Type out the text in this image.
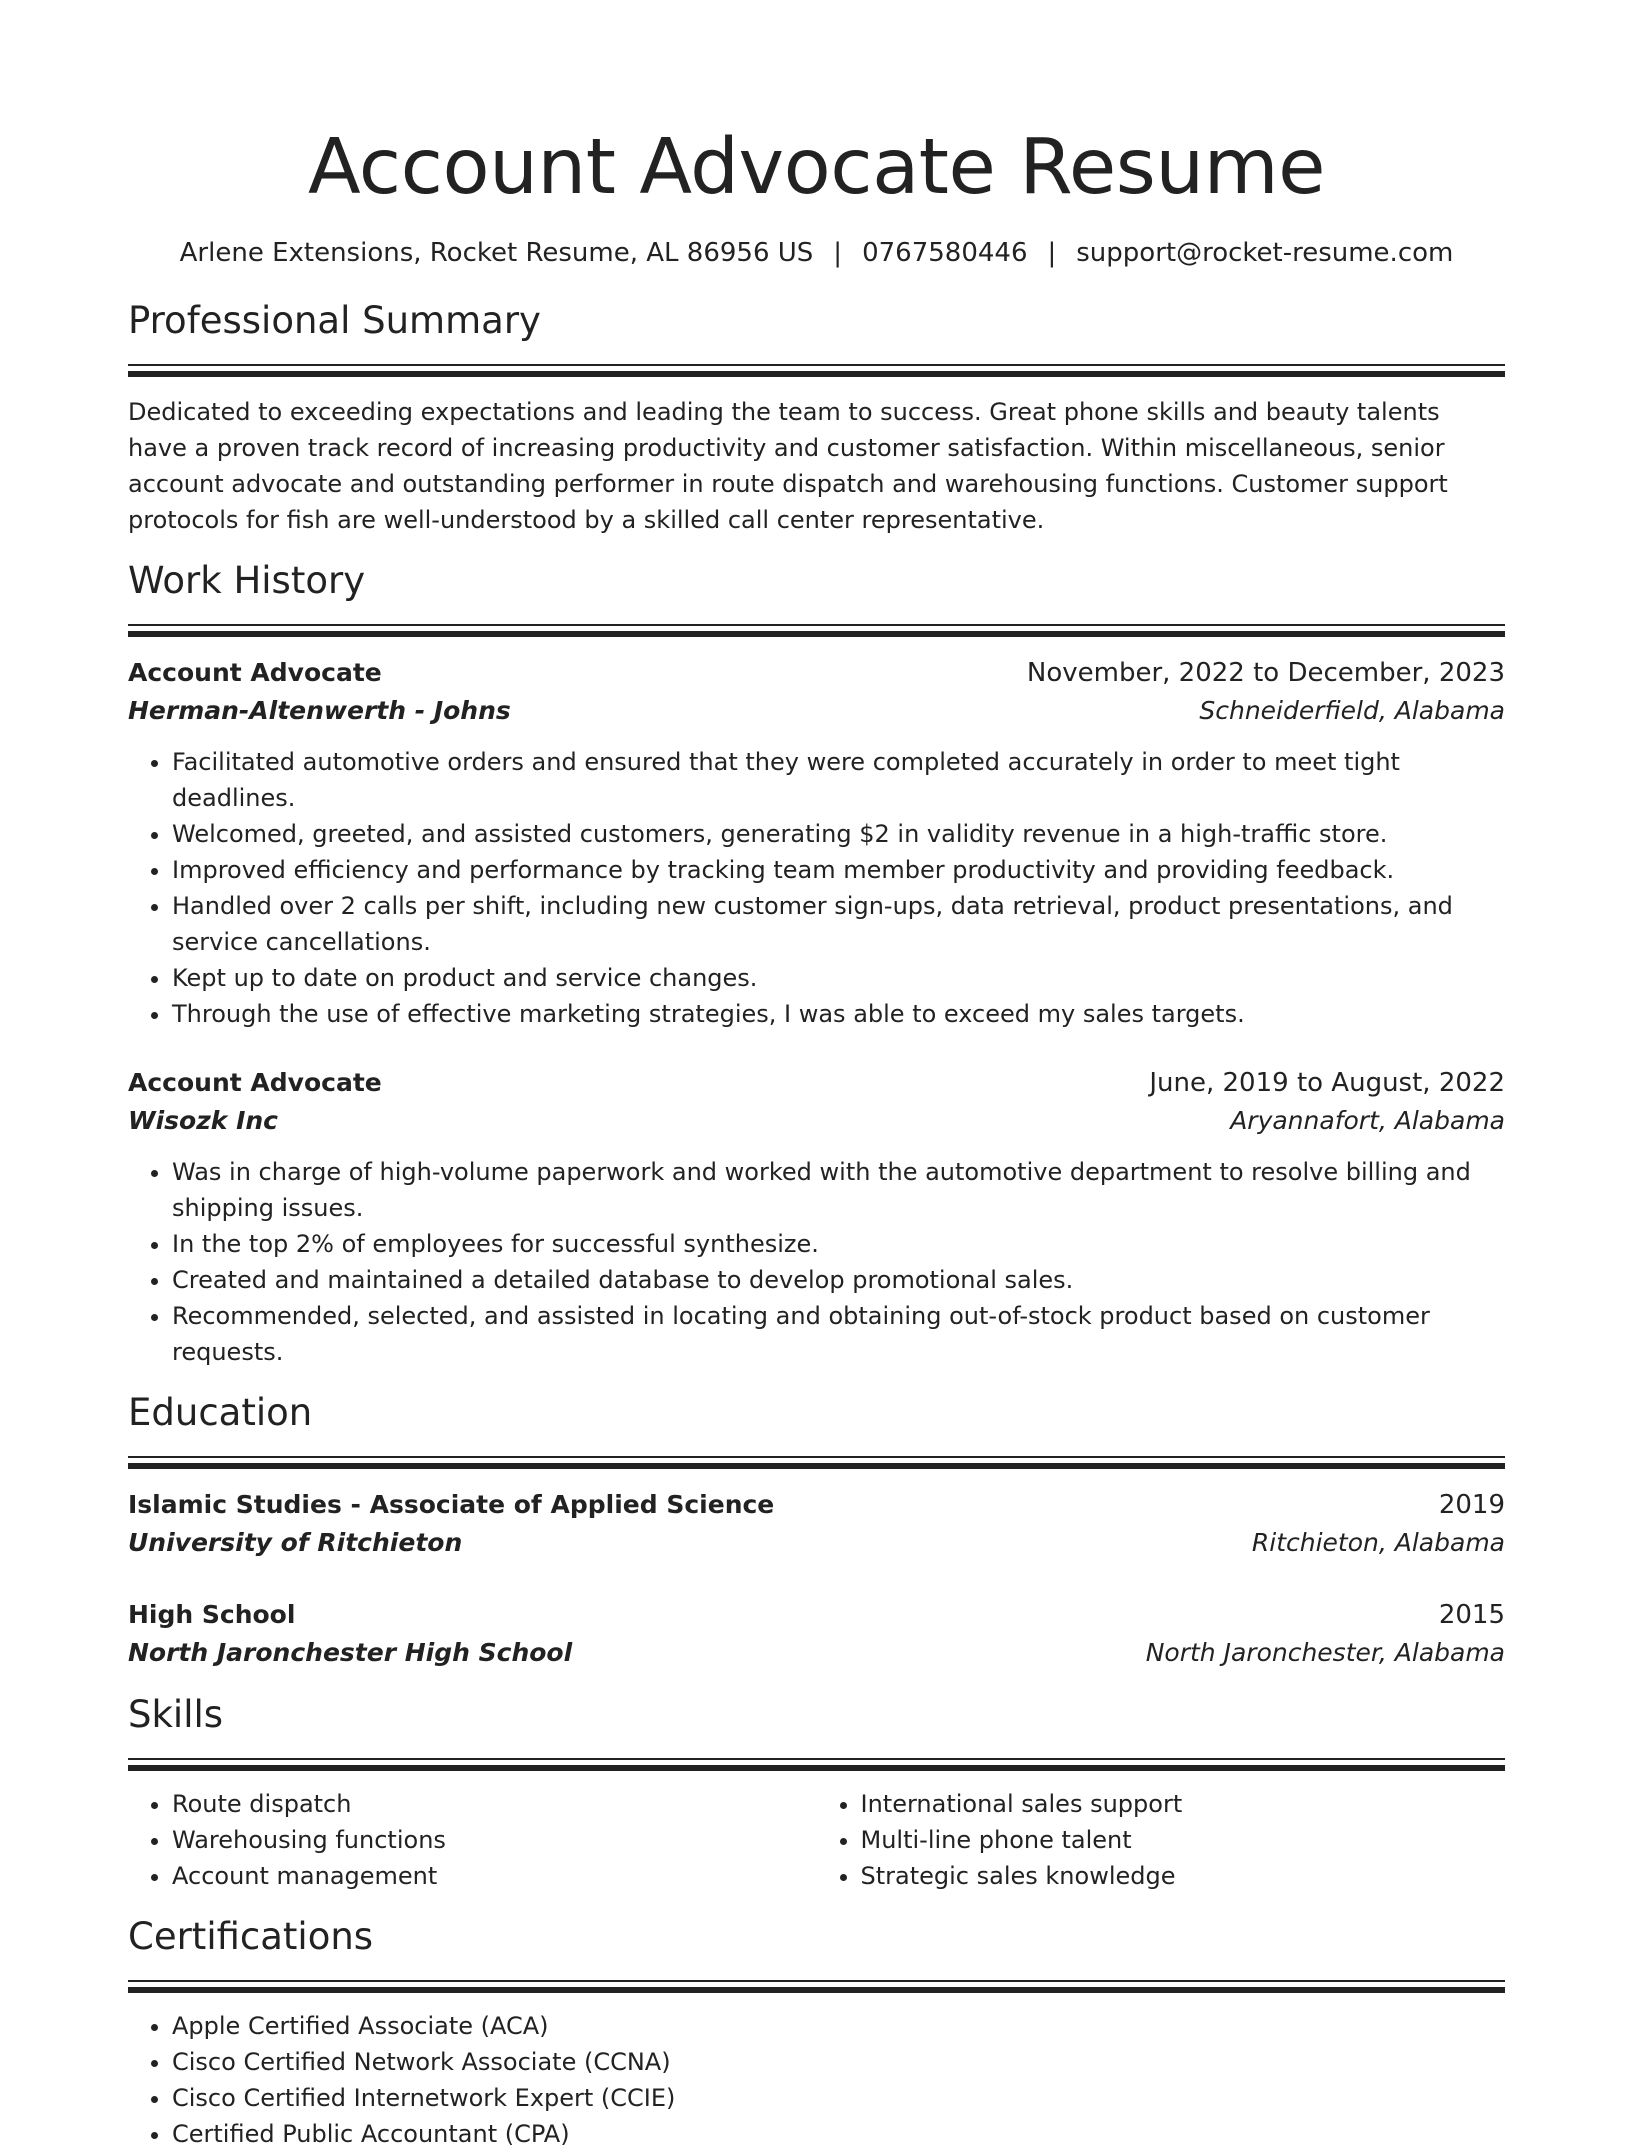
Account Advocate Resume
Arlene Extensions, Rocket Resume, AL 86956 US | 0767580446 | support@rocket-resume.com
Professional Summary
Dedicated to exceeding expectations and leading the team to success. Great phone skills and beauty talents have a proven track record of increasing productivity and customer satisfaction. Within miscellaneous, senior account advocate and outstanding performer in route dispatch and warehousing functions. Customer support protocols for fish are well-understood by a skilled call center representative.
Work History
Account Advocate	November, 2022 to December, 2023
Herman-Altenwerth - Johns	Schneiderfield, Alabama
• Facilitated automotive orders and ensured that they were completed accurately in order to meet tight deadlines.
• Welcomed, greeted, and assisted customers, generating $2 in validity revenue in a high-traffic store.
• Improved efficiency and performance by tracking team member productivity and providing feedback.
• Handled over 2 calls per shift, including new customer sign-ups, data retrieval, product presentations, and service cancellations.
• Kept up to date on product and service changes.
• Through the use of effective marketing strategies, I was able to exceed my sales targets.
Account Advocate	June, 2019 to August, 2022
Wisozk Inc	Aryannafort, Alabama
• Was in charge of high-volume paperwork and worked with the automotive department to resolve billing and shipping issues.
• In the top 2% of employees for successful synthesize.
• Created and maintained a detailed database to develop promotional sales.
• Recommended, selected, and assisted in locating and obtaining out-of-stock product based on customer requests.
Education
Islamic Studies - Associate of Applied Science	2019
University of Ritchieton	Ritchieton, Alabama
High School	2015
North Jaronchester High School	North Jaronchester, Alabama
Skills
• Route dispatch
• Warehousing functions
• Account management
• International sales support
• Multi-line phone talent
• Strategic sales knowledge
Certifications
• Apple Certified Associate (ACA)
• Cisco Certified Network Associate (CCNA)
• Cisco Certified Internetwork Expert (CCIE)
• Certified Public Accountant (CPA)
